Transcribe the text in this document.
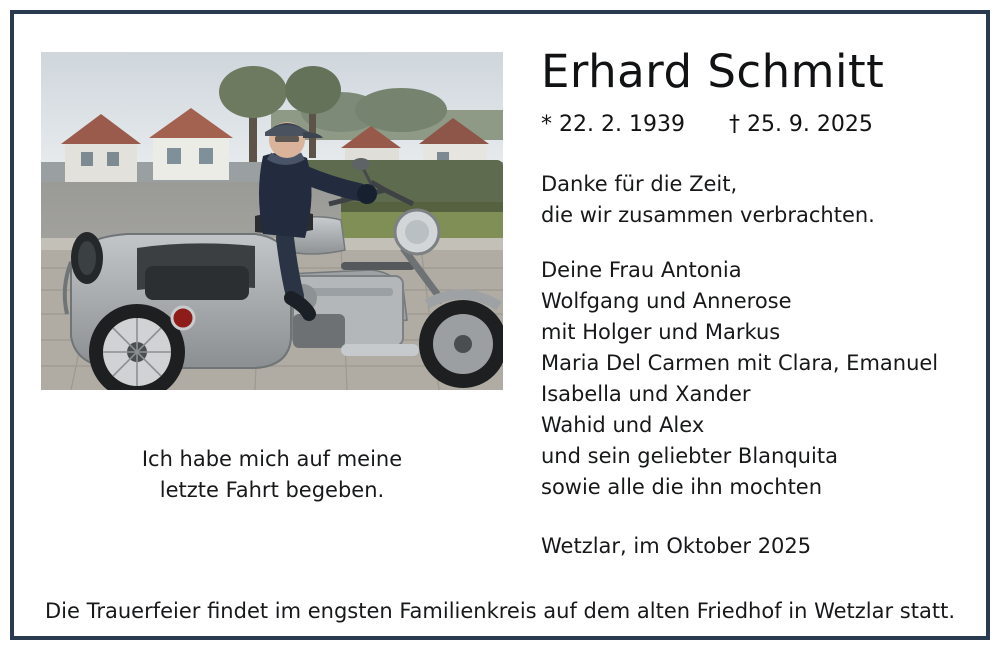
Ich habe mich auf meine
letzte Fahrt begeben.
Erhard Schmitt
* 22. 2. 1939 † 25. 9. 2025
Danke für die Zeit,
die wir zusammen verbrachten.
Deine Frau Antonia
Wolfgang und Annerose
mit Holger und Markus
Maria Del Carmen mit Clara, Emanuel
Isabella und Xander
Wahid und Alex
und sein geliebter Blanquita
sowie alle die ihn mochten
Wetzlar, im Oktober 2025
Die Trauerfeier findet im engsten Familienkreis auf dem alten Friedhof in Wetzlar statt.
